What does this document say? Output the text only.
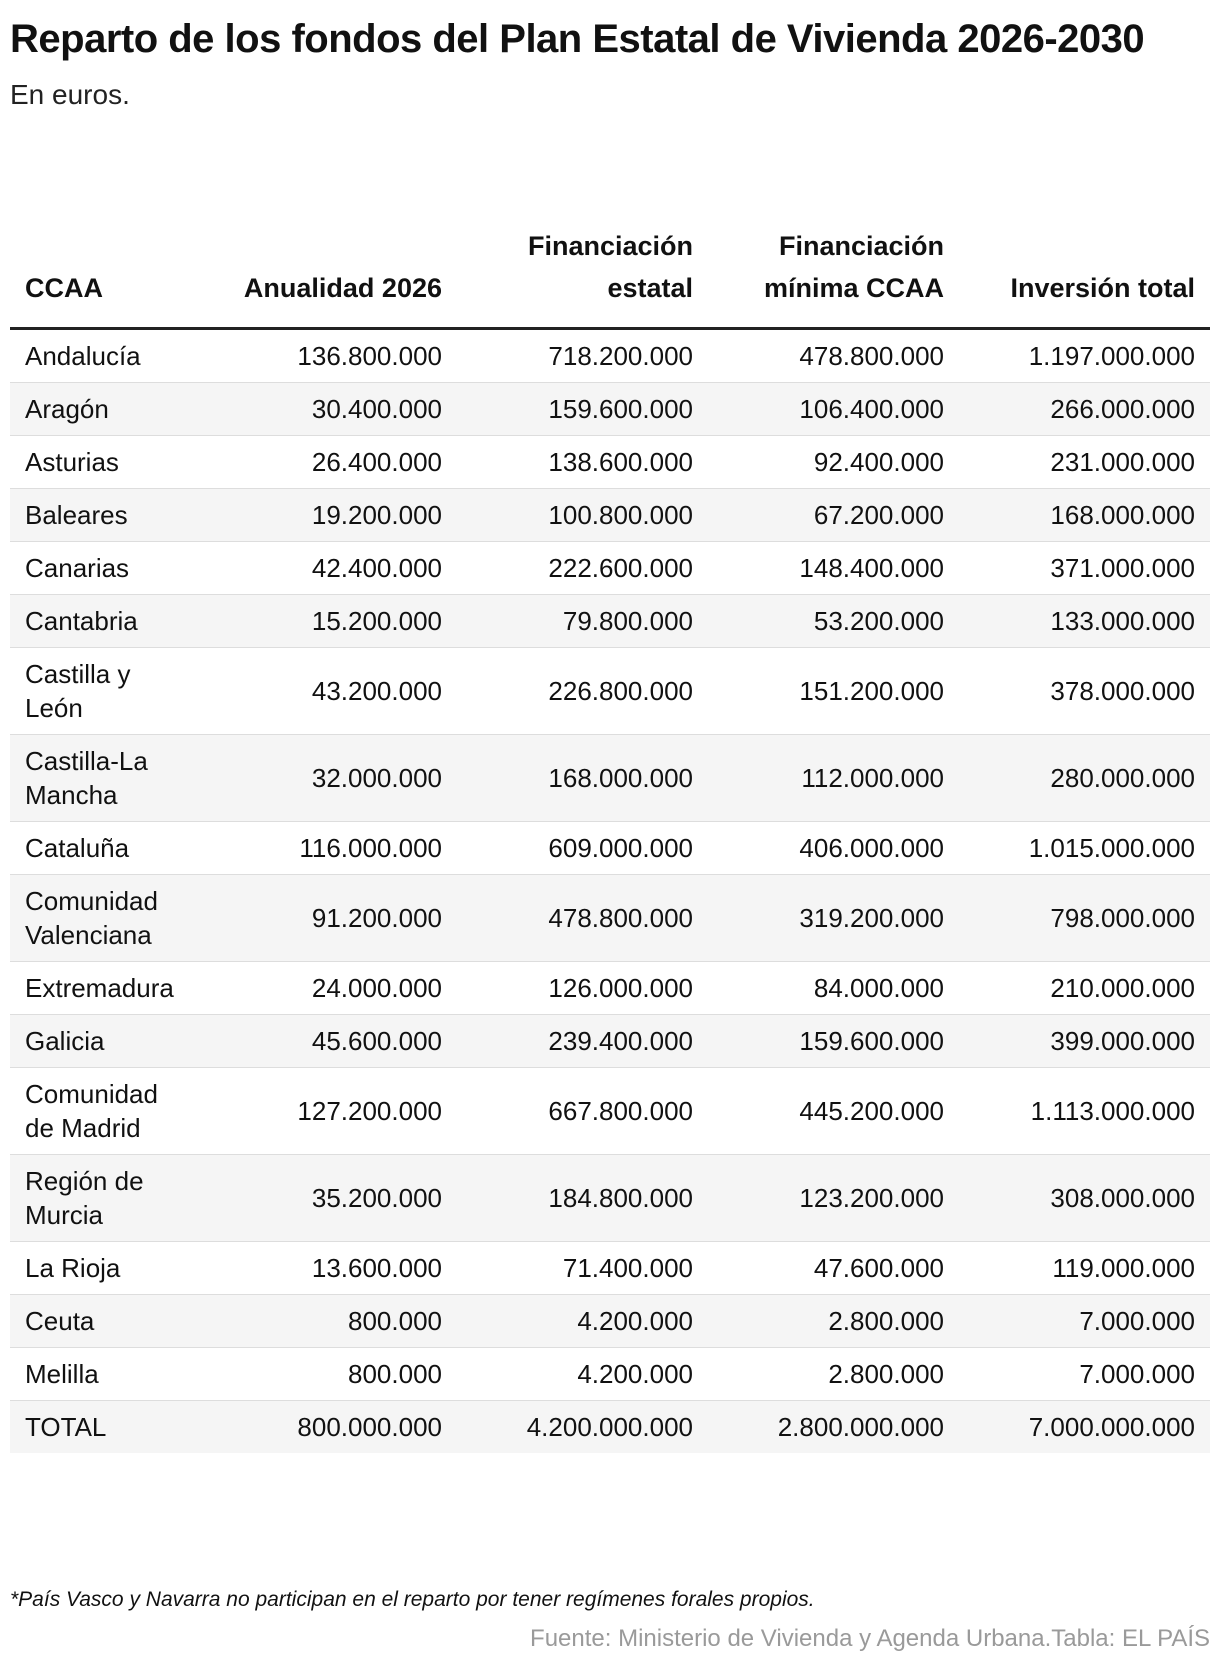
Reparto de los fondos del Plan Estatal de Vivienda 2026-2030

En euros.

CCAA	Anualidad 2026	Financiación estatal	Financiación mínima CCAA	Inversión total
Andalucía	136.800.000	718.200.000	478.800.000	1.197.000.000
Aragón	30.400.000	159.600.000	106.400.000	266.000.000
Asturias	26.400.000	138.600.000	92.400.000	231.000.000
Baleares	19.200.000	100.800.000	67.200.000	168.000.000
Canarias	42.400.000	222.600.000	148.400.000	371.000.000
Cantabria	15.200.000	79.800.000	53.200.000	133.000.000
Castilla y León	43.200.000	226.800.000	151.200.000	378.000.000
Castilla-La Mancha	32.000.000	168.000.000	112.000.000	280.000.000
Cataluña	116.000.000	609.000.000	406.000.000	1.015.000.000
Comunidad Valenciana	91.200.000	478.800.000	319.200.000	798.000.000
Extremadura	24.000.000	126.000.000	84.000.000	210.000.000
Galicia	45.600.000	239.400.000	159.600.000	399.000.000
Comunidad de Madrid	127.200.000	667.800.000	445.200.000	1.113.000.000
Región de Murcia	35.200.000	184.800.000	123.200.000	308.000.000
La Rioja	13.600.000	71.400.000	47.600.000	119.000.000
Ceuta	800.000	4.200.000	2.800.000	7.000.000
Melilla	800.000	4.200.000	2.800.000	7.000.000
TOTAL	800.000.000	4.200.000.000	2.800.000.000	7.000.000.000
*País Vasco y Navarra no participan en el reparto por tener regímenes forales propios.
Fuente: Ministerio de Vivienda y Agenda Urbana.Tabla: EL PAÍS
